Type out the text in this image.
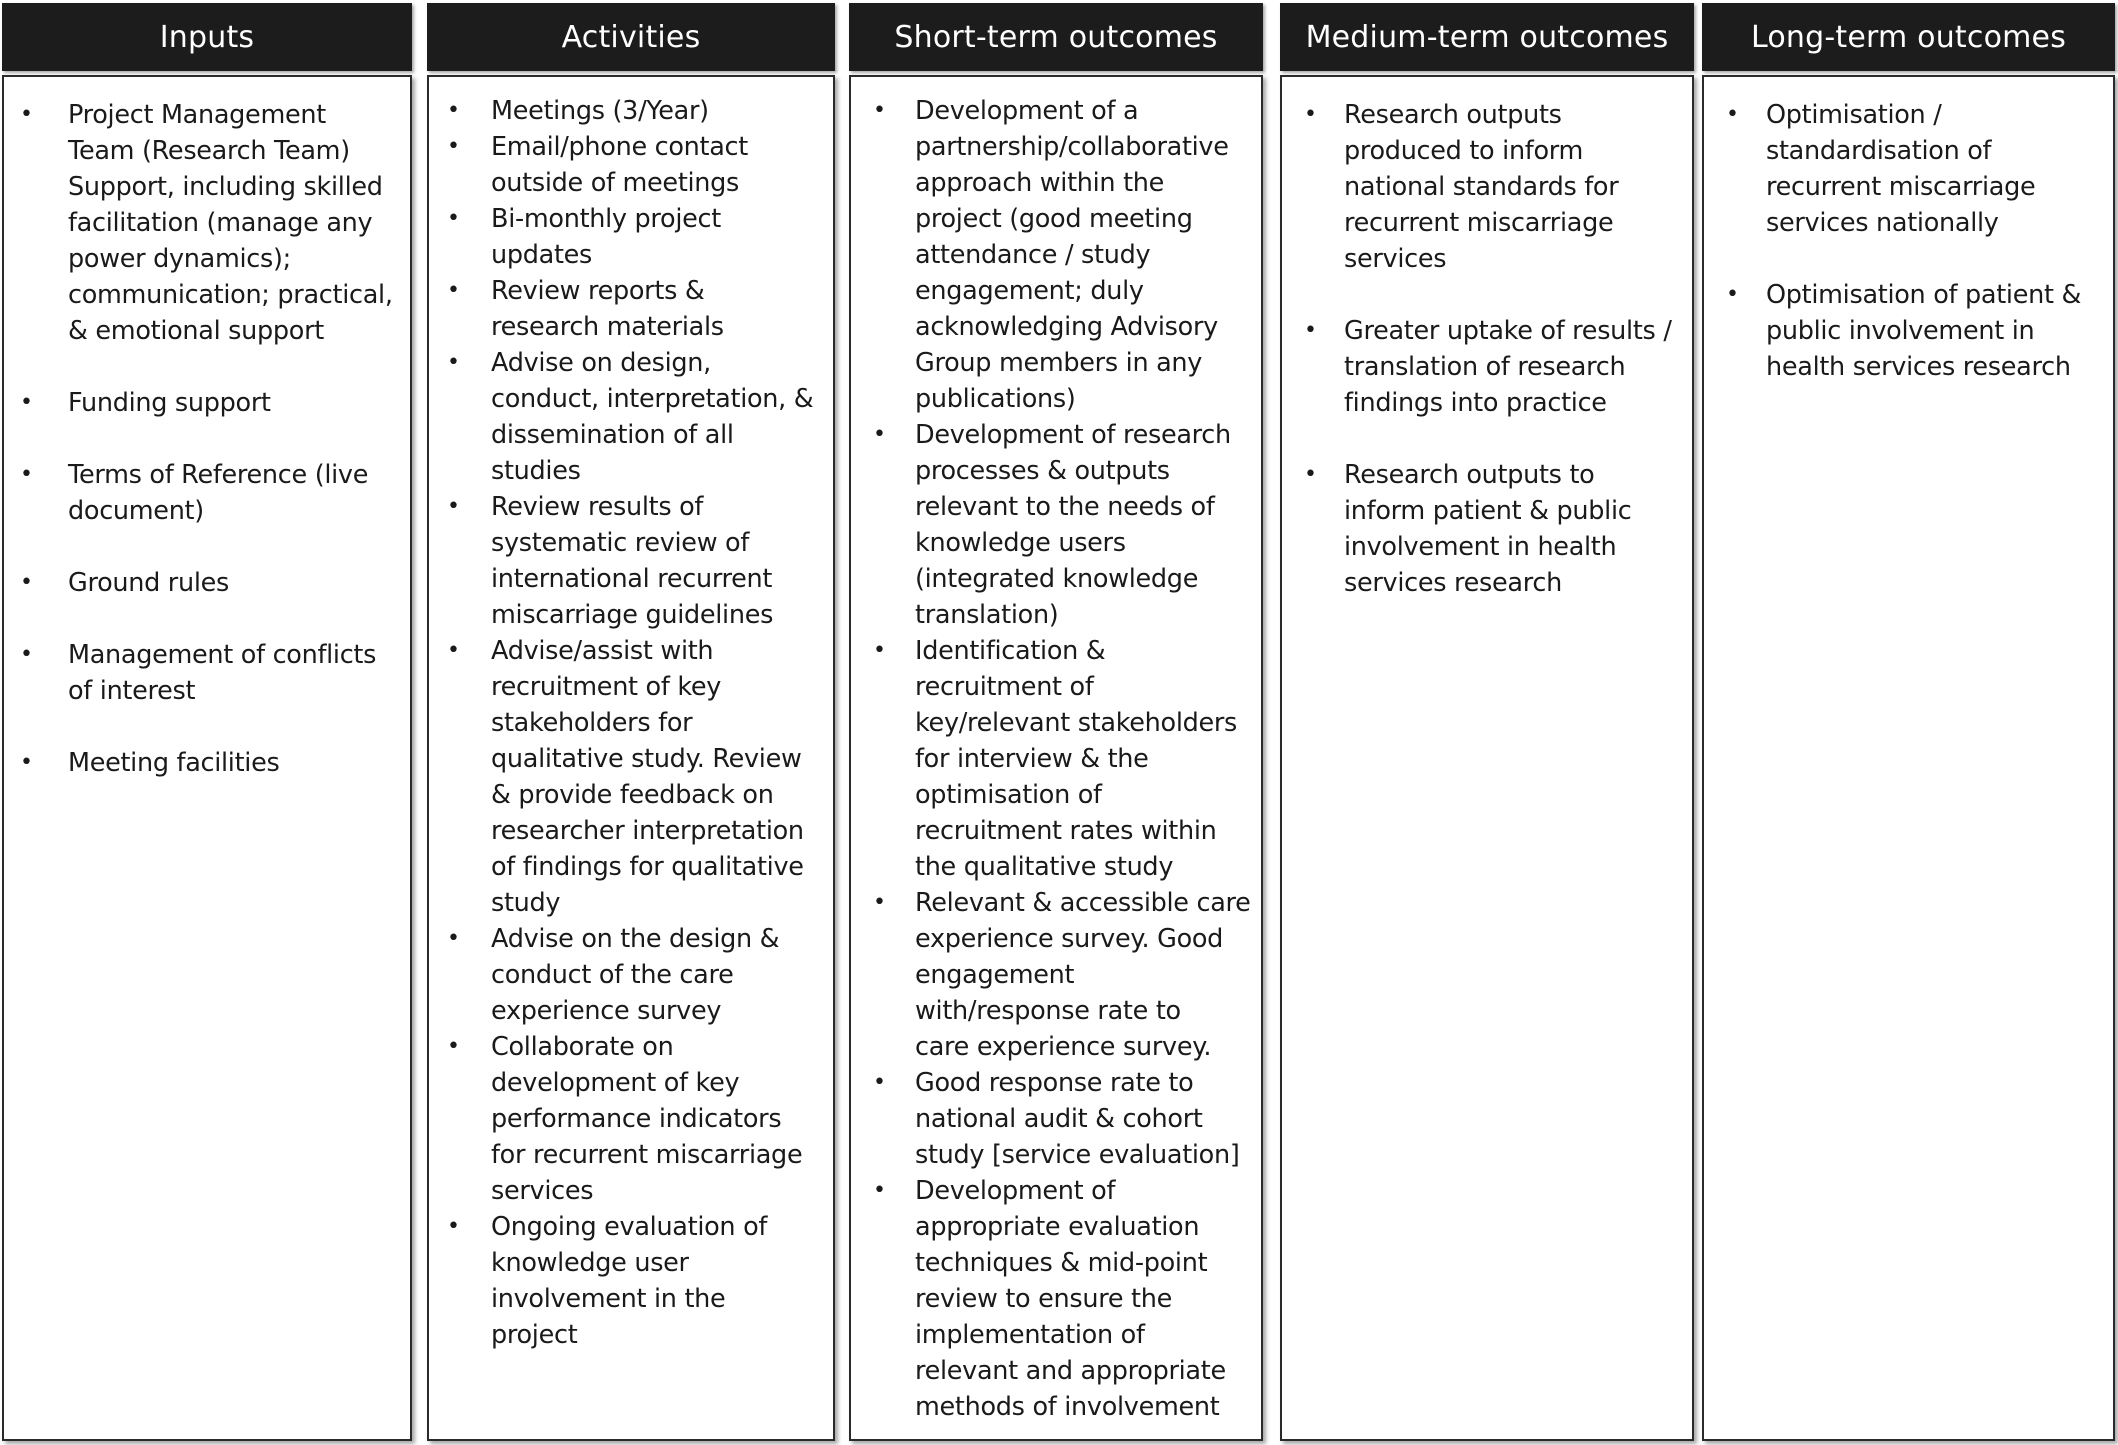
Inputs
• Project Management
Team (Research Team)
Support, including skilled
facilitation (manage any
power dynamics);
communication; practical,
& emotional support
• Funding support
• Terms of Reference (live
document)
• Ground rules
• Management of conflicts
of interest
• Meeting facilities
Activities
• Meetings (3/Year)
• Email/phone contact
outside of meetings
• Bi-monthly project
updates
• Review reports &
research materials
• Advise on design,
conduct, interpretation, &
dissemination of all
studies
• Review results of
systematic review of
international recurrent
miscarriage guidelines
• Advise/assist with
recruitment of key
stakeholders for
qualitative study. Review
& provide feedback on
researcher interpretation
of findings for qualitative
study
• Advise on the design &
conduct of the care
experience survey
• Collaborate on
development of key
performance indicators
for recurrent miscarriage
services
• Ongoing evaluation of
knowledge user
involvement in the
project
Short-term outcomes
• Development of a
partnership/collaborative
approach within the
project (good meeting
attendance / study
engagement; duly
acknowledging Advisory
Group members in any
publications)
• Development of research
processes & outputs
relevant to the needs of
knowledge users
(integrated knowledge
translation)
• Identification &
recruitment of
key/relevant stakeholders
for interview & the
optimisation of
recruitment rates within
the qualitative study
• Relevant & accessible care
experience survey. Good
engagement
with/response rate to
care experience survey.
• Good response rate to
national audit & cohort
study [service evaluation]
• Development of
appropriate evaluation
techniques & mid-point
review to ensure the
implementation of
relevant and appropriate
methods of involvement
Medium-term outcomes
• Research outputs
produced to inform
national standards for
recurrent miscarriage
services
• Greater uptake of results /
translation of research
findings into practice
• Research outputs to
inform patient & public
involvement in health
services research
Long-term outcomes
• Optimisation /
standardisation of
recurrent miscarriage
services nationally
• Optimisation of patient &
public involvement in
health services research
